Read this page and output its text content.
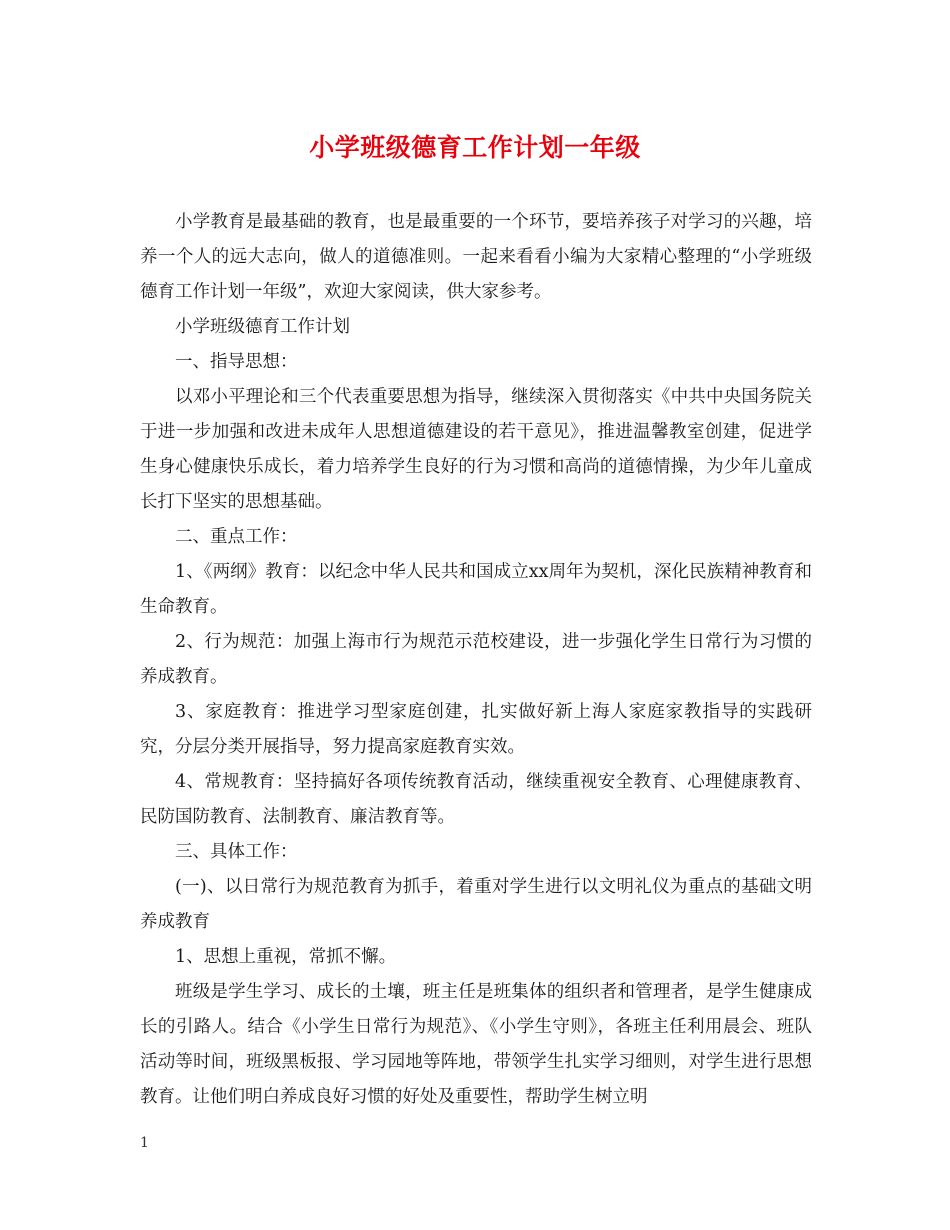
小学班级德育工作计划一年级

小学教育是最基础的教育，也是最重要的一个环节，要培养孩子对学习的兴趣，培养一个人的远大志向，做人的道德准则。一起来看看小编为大家精心整理的“小学班级德育工作计划一年级”，欢迎大家阅读，供大家参考。

小学班级德育工作计划

一、指导思想：

以邓小平理论和三个代表重要思想为指导，继续深入贯彻落实《中共中央国务院关于进一步加强和改进未成年人思想道德建设的若干意见》，推进温馨教室创建，促进学生身心健康快乐成长，着力培养学生良好的行为习惯和高尚的道德情操，为少年儿童成长打下坚实的思想基础。

二、重点工作：

1、《两纲》教育：以纪念中华人民共和国成立xx周年为契机，深化民族精神教育和生命教育。

2、行为规范：加强上海市行为规范示范校建设，进一步强化学生日常行为习惯的养成教育。

3、家庭教育：推进学习型家庭创建，扎实做好新上海人家庭家教指导的实践研究，分层分类开展指导，努力提高家庭教育实效。

4、常规教育：坚持搞好各项传统教育活动，继续重视安全教育、心理健康教育、民防国防教育、法制教育、廉洁教育等。

三、具体工作：

(一)、以日常行为规范教育为抓手，着重对学生进行以文明礼仪为重点的基础文明养成教育

1、思想上重视，常抓不懈。

班级是学生学习、成长的土壤，班主任是班集体的组织者和管理者，是学生健康成长的引路人。结合《小学生日常行为规范》、《小学生守则》，各班主任利用晨会、班队活动等时间，班级黑板报、学习园地等阵地，带领学生扎实学习细则，对学生进行思想教育。让他们明白养成良好习惯的好处及重要性，帮助学生树立明

1
